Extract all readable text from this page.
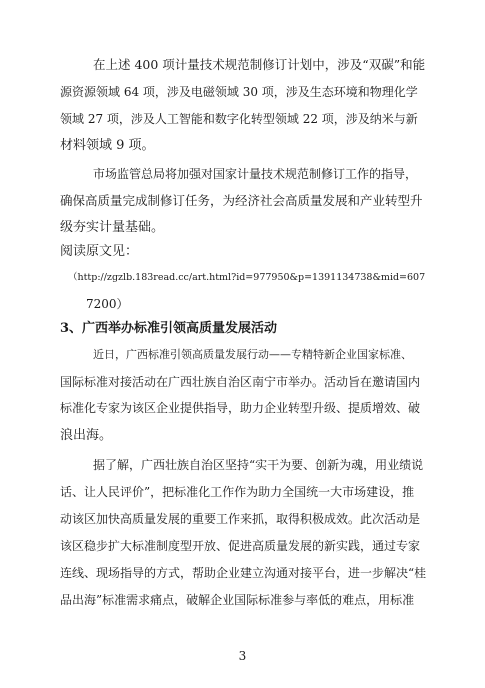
在上述 400 项计量技术规范制修订计划中，涉及“双碳”和能
源资源领域 64 项，涉及电磁领域 30 项，涉及生态环境和物理化学
领域 27 项，涉及人工智能和数字化转型领域 22 项，涉及纳米与新
材料领域 9 项。
市场监管总局将加强对国家计量技术规范制修订工作的指导，
确保高质量完成制修订任务，为经济社会高质量发展和产业转型升
级夯实计量基础。
阅读原文见：
（http://zgzlb.183read.cc/art.html?id=977950&p=1391134738&mid=607
7200）
3、广西举办标准引领高质量发展活动
近日，广西标准引领高质量发展行动——专精特新企业国家标准、
国际标准对接活动在广西壮族自治区南宁市举办。活动旨在邀请国内
标准化专家为该区企业提供指导，助力企业转型升级、提质增效、破
浪出海。
据了解，广西壮族自治区坚持“实干为要、创新为魂，用业绩说
话、让人民评价”，把标准化工作作为助力全国统一大市场建设，推
动该区加快高质量发展的重要工作来抓，取得积极成效。此次活动是
该区稳步扩大标准制度型开放、促进高质量发展的新实践，通过专家
连线、现场指导的方式，帮助企业建立沟通对接平台，进一步解决“桂
品出海”标准需求痛点，破解企业国际标准参与率低的难点，用标准
3
